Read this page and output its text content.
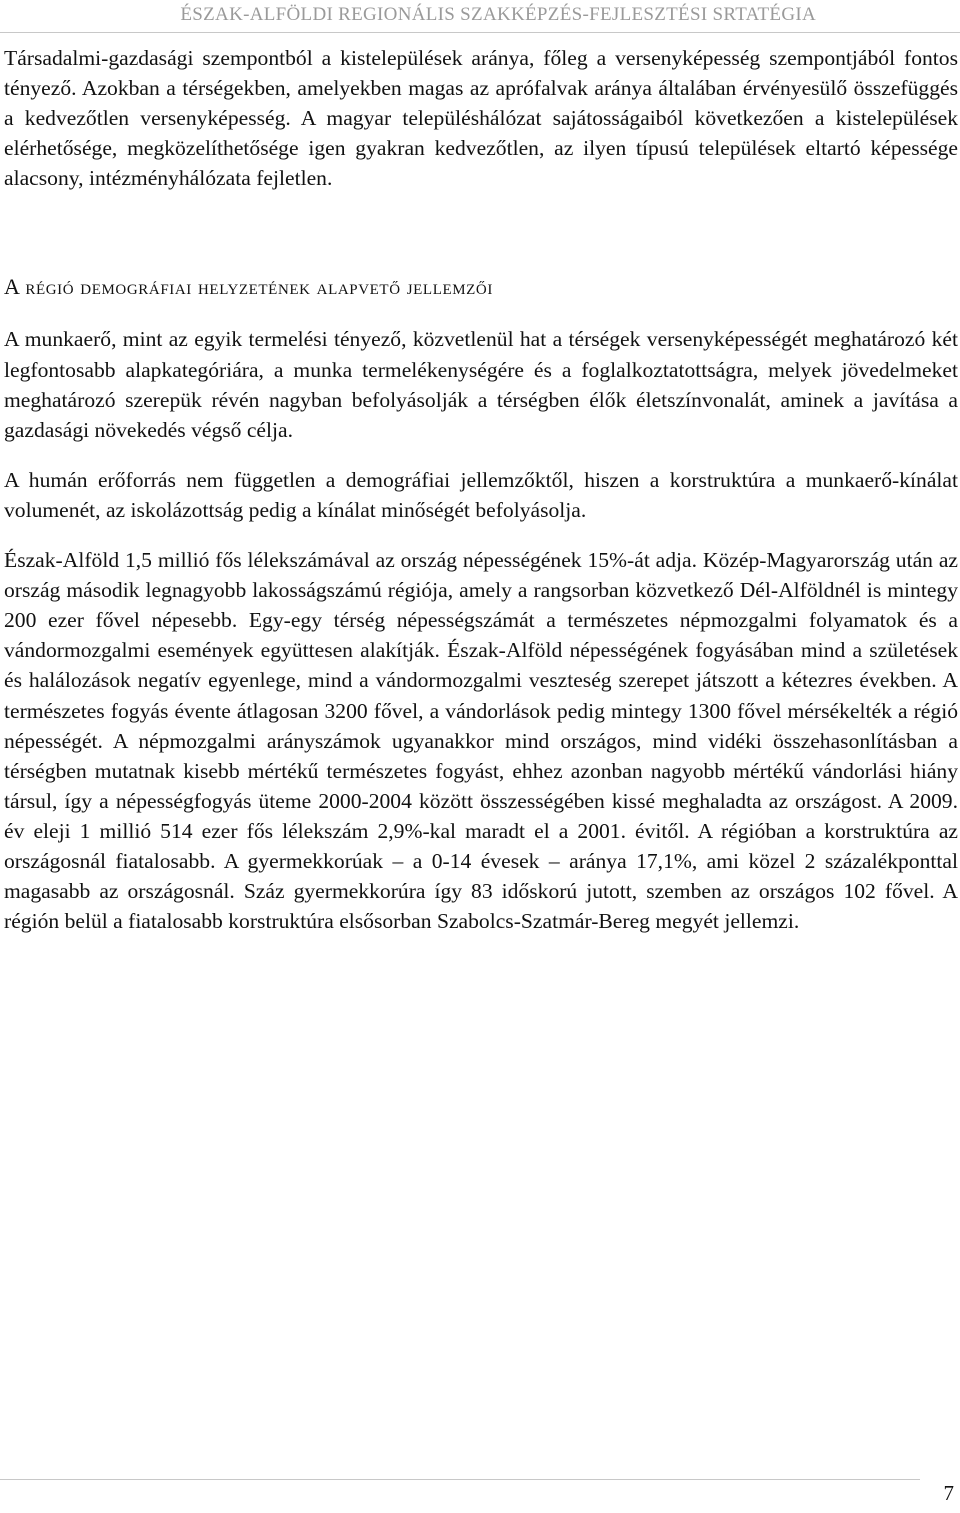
ÉSZAK-ALFÖLDI REGIONÁLIS SZAKKÉPZÉS-FEJLESZTÉSI SRTATÉGIA

Társadalmi-gazdasági szempontból a kistelepülések aránya, főleg a versenyképesség szempontjából fontos tényező. Azokban a térségekben, amelyekben magas az aprófalvak aránya általában érvényesülő összefüggés a kedvezőtlen versenyképesség. A magyar településhálózat sajátosságaiból következően a kistelepülések elérhetősége, megközelíthetősége igen gyakran kedvezőtlen, az ilyen típusú települések eltartó képessége alacsony, intézményhálózata fejletlen.

A régió demográfiai helyzetének alapvető jellemzői

A munkaerő, mint az egyik termelési tényező, közvetlenül hat a térségek versenyképességét meghatározó két legfontosabb alapkategóriára, a munka termelékenységére és a foglalkoztatottságra, melyek jövedelmeket meghatározó szerepük révén nagyban befolyásolják a térségben élők életszínvonalát, aminek a javítása a gazdasági növekedés végső célja.

A humán erőforrás nem független a demográfiai jellemzőktől, hiszen a korstruktúra a munkaerő-kínálat volumenét, az iskolázottság pedig a kínálat minőségét befolyásolja.

Észak-Alföld 1,5 millió fős lélekszámával az ország népességének 15%-át adja. Közép-Magyarország után az ország második legnagyobb lakosságszámú régiója, amely a rangsorban közvetkező Dél-Alföldnél is mintegy 200 ezer fővel népesebb. Egy-egy térség népességszámát a természetes népmozgalmi folyamatok és a vándormozgalmi események együttesen alakítják. Észak-Alföld népességének fogyásában mind a születések és halálozások negatív egyenlege, mind a vándormozgalmi veszteség szerepet játszott a kétezres években. A természetes fogyás évente átlagosan 3200 fővel, a vándorlások pedig mintegy 1300 fővel mérsékelték a régió népességét. A népmozgalmi arányszámok ugyanakkor mind országos, mind vidéki összehasonlításban a térségben mutatnak kisebb mértékű természetes fogyást, ehhez azonban nagyobb mértékű vándorlási hiány társul, így a népességfogyás üteme 2000-2004 között összességében kissé meghaladta az országost. A 2009. év eleji 1 millió 514 ezer fős lélekszám 2,9%-kal maradt el a 2001. évitől. A régióban a korstruktúra az országosnál fiatalosabb. A gyermekkorúak – a 0-14 évesek – aránya 17,1%, ami közel 2 százalékponttal magasabb az országosnál. Száz gyermekkorúra így 83 időskorú jutott, szemben az országos 102 fővel. A régión belül a fiatalosabb korstruktúra elsősorban Szabolcs-Szatmár-Bereg megyét jellemzi.

7
